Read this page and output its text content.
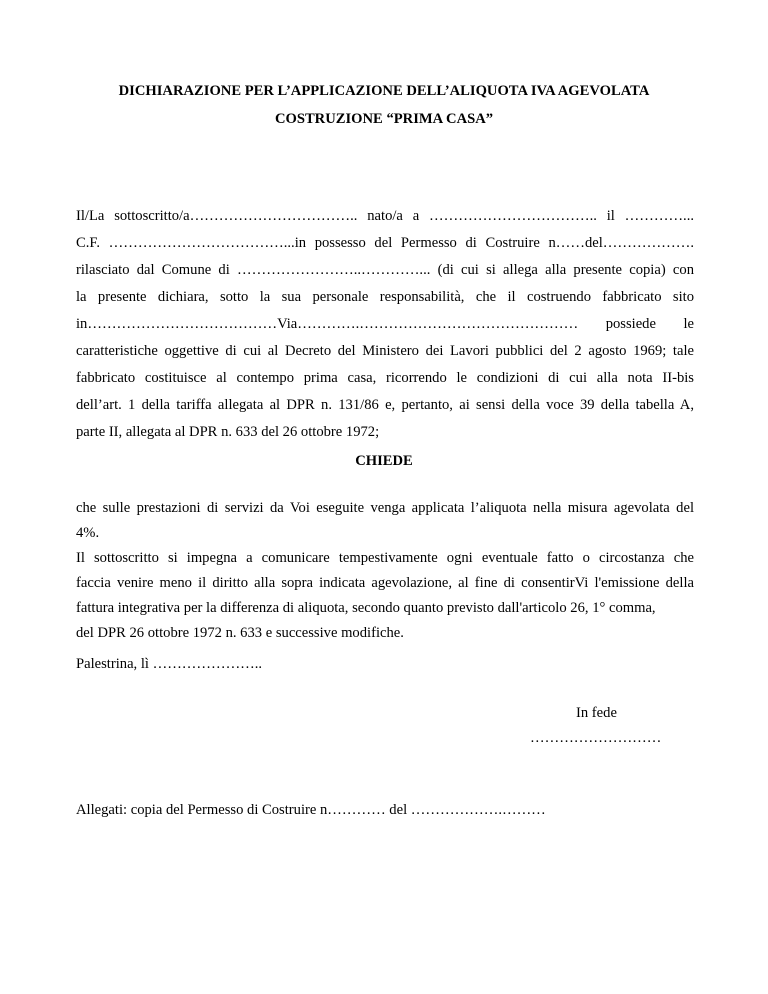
DICHIARAZIONE PER L’APPLICAZIONE DELL’ALIQUOTA IVA AGEVOLATA
COSTRUZIONE “PRIMA CASA”
Il/La sottoscritto/a…………………………….. nato/a a …………………………….. il …………...
C.F. ………………………………...in possesso del Permesso di Costruire n……del……………….
rilasciato dal Comune di ……………………..…………... (di cui si allega alla presente copia) con
la presente dichiara, sotto la sua personale responsabilità, che il costruendo fabbricato sito
in…………………………………Via………….……………………………………… possiede le
caratteristiche oggettive di cui al Decreto del Ministero dei Lavori pubblici del 2 agosto 1969; tale
fabbricato costituisce al contempo prima casa, ricorrendo le condizioni di cui alla nota II-bis
dell’art. 1 della tariffa allegata al DPR n. 131/86 e, pertanto, ai sensi della voce 39 della tabella A,
parte II, allegata al DPR n. 633 del 26 ottobre 1972;
CHIEDE
che sulle prestazioni di servizi da Voi eseguite venga applicata l’aliquota nella misura agevolata del
4%.
Il sottoscritto si impegna a comunicare tempestivamente ogni eventuale fatto o circostanza che
faccia venire meno il diritto alla sopra indicata agevolazione, al fine di consentirVi l'emissione della
fattura integrativa per la differenza di aliquota, secondo quanto previsto dall'articolo 26, 1° comma,
del DPR 26 ottobre 1972 n. 633 e successive modifiche.
Palestrina, lì …………………..
In fede
………………………
Allegati: copia del Permesso di Costruire n………… del ……………….………
